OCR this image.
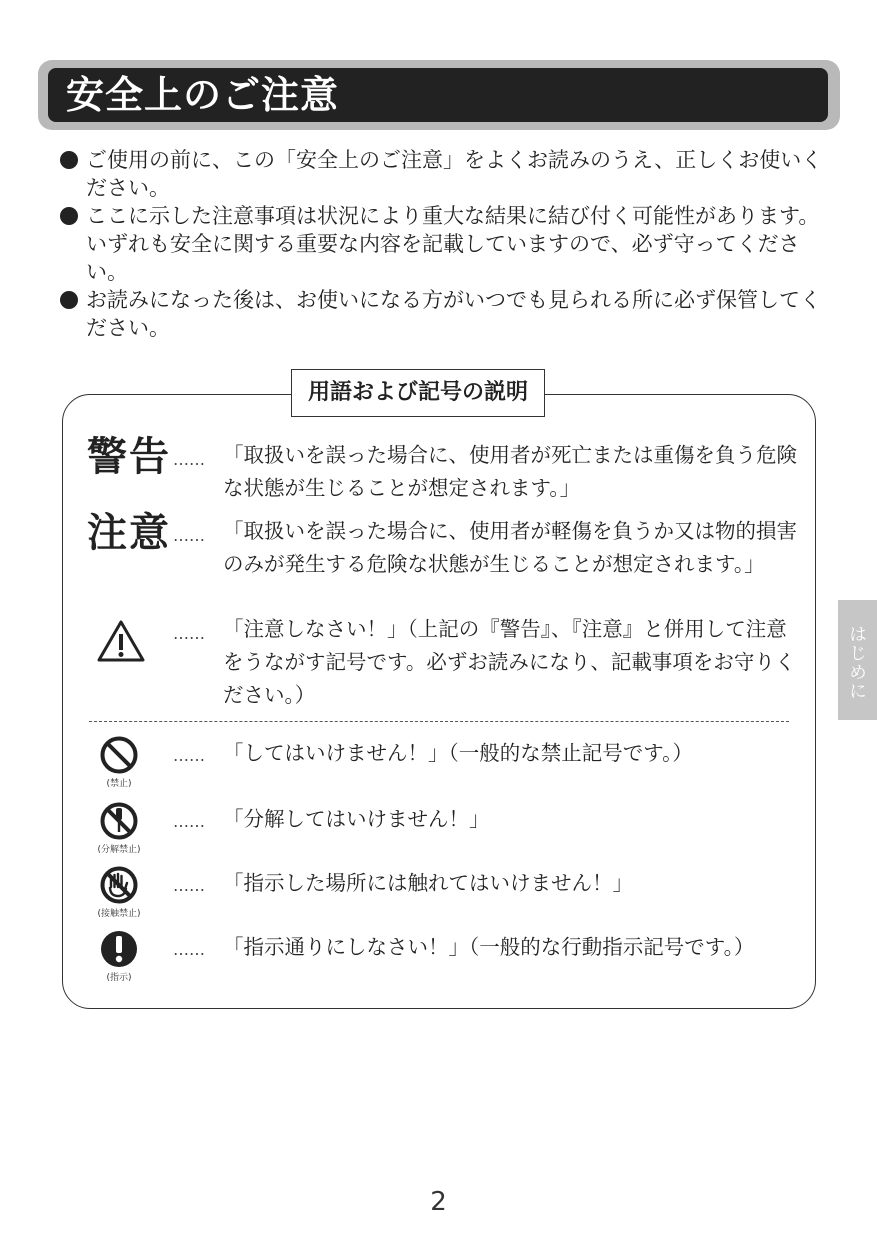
安全上のご注意
ご使用の前に、この「安全上のご注意」をよくお読みのうえ、正しくお使いください。
ここに示した注意事項は状況により重大な結果に結び付く可能性があります。いずれも安全に関する重要な内容を記載していますので、必ず守ってください。
お読みになった後は、お使いになる方がいつでも見られる所に必ず保管してください。
用語および記号の説明
警告 …… 「取扱いを誤った場合に、使用者が死亡または重傷を負う危険な状態が生じることが想定されます。」
注意 …… 「取扱いを誤った場合に、使用者が軽傷を負うか又は物的損害のみが発生する危険な状態が生じることが想定されます。」
…… 「注意しなさい！」（上記の『警告』、『注意』と併用して注意をうながす記号です。必ずお読みになり、記載事項をお守りください。）
(禁止)
…… 「してはいけません！」（一般的な禁止記号です。）
(分解禁止)
…… 「分解してはいけません！」
(接触禁止)
…… 「指示した場所には触れてはいけません！」
(指示)
…… 「指示通りにしなさい！」（一般的な行動指示記号です。）
はじめに
2
